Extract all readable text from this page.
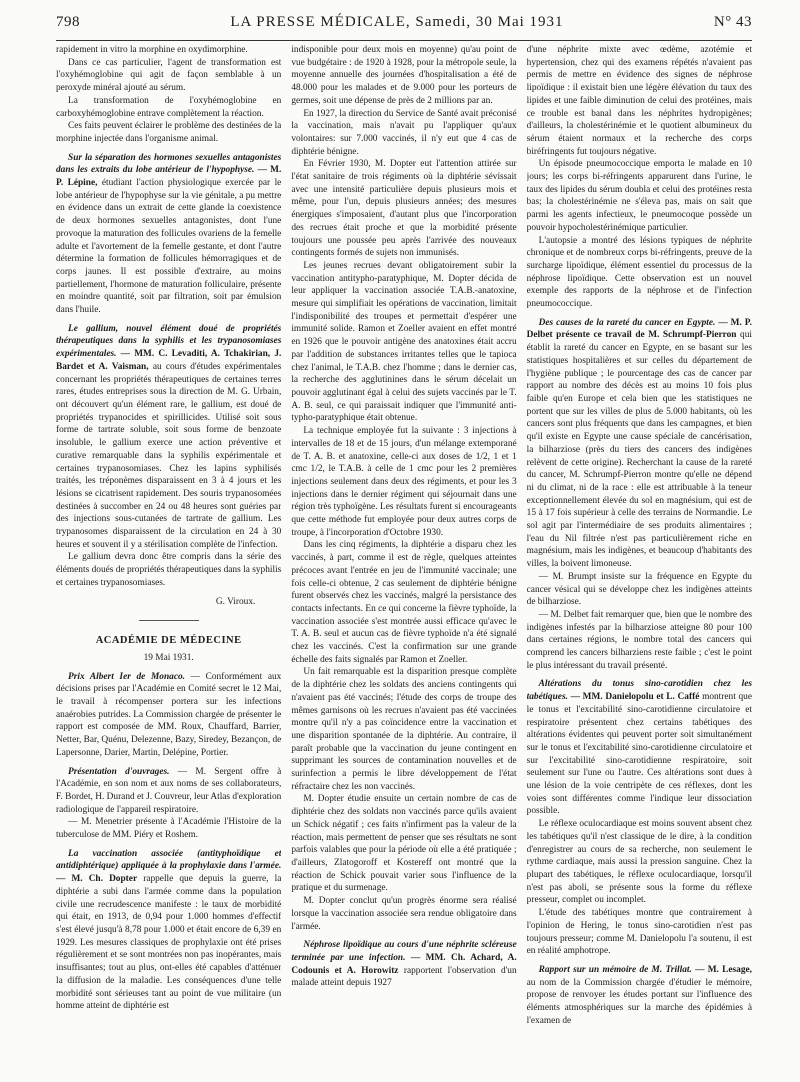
798	LA PRESSE MÉDICALE, Samedi, 30 Mai 1931	N° 43

rapidement in vitro la morphine en oxydimorphine.

Dans ce cas particulier, l'agent de transformation est l'oxyhémoglobine qui agit de façon semblable à un peroxyde minéral ajouté au sérum.

La transformation de l'oxyhémoglobine en carboxyhémoglobine entrave complètement la réaction.

Ces faits peuvent éclairer le problème des destinées de la morphine injectée dans l'organisme animal.

Sur la séparation des hormones sexuelles antagonistes dans les extraits du lobe antérieur de l'hypophyse. — M. P. Lépine, étudiant l'action physiologique exercée par le lobe antérieur de l'hypophyse sur la vie génitale, a pu mettre en évidence dans un extrait de cette glande la coexistence de deux hormones sexuelles antagonistes, dont l'une provoque la maturation des follicules ovariens de la femelle adulte et l'avortement de la femelle gestante, et dont l'autre détermine la formation de follicules hémorragiques et de corps jaunes. Il est possible d'extraire, au moins partiellement, l'hormone de maturation folliculaire, présente en moindre quantité, soit par filtration, soit par émulsion dans l'huile.

Le gallium, nouvel élément doué de propriétés thérapeutiques dans la syphilis et les trypanosomiases expérimentales. — MM. C. Levaditi, A. Tchakirian, J. Bardet et A. Vaisman, au cours d'études expérimentales concernant les propriétés thérapeutiques de certaines terres rares, études entreprises sous la direction de M. G. Urbain, ont découvert qu'un élément rare, le gallium, est doué de propriétés trypanocides et spirillicides. Utilisé soit sous forme de tartrate soluble, soit sous forme de benzoate insoluble, le gallium exerce une action préventive et curative remarquable dans la syphilis expérimentale et certaines trypanosomiases. Chez les lapins syphilisés traités, les tréponèmes disparaissent en 3 à 4 jours et les lésions se cicatrisent rapidement. Des souris trypanosomées destinées à succomber en 24 ou 48 heures sont guéries par des injections sous-cutanées de tartrate de gallium. Les trypanosomes disparaissent de la circulation en 24 à 30 heures et souvent il y a stérilisation complète de l'infection.

Le gallium devra donc être compris dans la série des éléments doués de propriétés thérapeutiques dans la syphilis et certaines trypanosomiases.

G. Viroux.
ACADÉMIE DE MÉDECINE
19 Mai 1931.

Prix Albert Ier de Monaco. — Conformément aux décisions prises par l'Académie en Comité secret le 12 Mai, le travail à récompenser portera sur les infections anaérobies putrides. La Commission chargée de présenter le rapport est composée de MM. Roux, Chauffard, Barrier, Netter, Bar, Quénu, Delezenne, Bazy, Siredey, Bezançon, de Lapersonne, Darier, Martin, Delépine, Portier.

Présentation d'ouvrages. — M. Sergent offre à l'Académie, en son nom et aux noms de ses collaborateurs, F. Bordet, H. Durand et J. Couvreur, leur Atlas d'exploration radiologique de l'appareil respiratoire.

— M. Menetrier présente à l'Académie l'Histoire de la tuberculose de MM. Piéry et Roshem.

La vaccination associée (antityphoïdique et antidiphtérique) appliquée à la prophylaxie dans l'armée. — M. Ch. Dopter rappelle que depuis la guerre, la diphtérie a subi dans l'armée comme dans la population civile une recrudescence manifeste : le taux de morbidité qui était, en 1913, de 0,94 pour 1.000 hommes d'effectif s'est élevé jusqu'à 8,78 pour 1.000 et était encore de 6,39 en 1929. Les mesures classiques de prophylaxie ont été prises régulièrement et se sont montrées non pas inopérantes, mais insuffisantes; tout au plus, ont-elles été capables d'atténuer la diffusion de la maladie. Les conséquences d'une telle morbidité sont sérieuses tant au point de vue militaire (un homme atteint de diphtérie est

indisponible pour deux mois en moyenne) qu'au point de vue budgétaire : de 1920 à 1928, pour la métropole seule, la moyenne annuelle des journées d'hospitalisation a été de 48.000 pour les malades et de 9.000 pour les porteurs de germes, soit une dépense de près de 2 millions par an.

En 1927, la direction du Service de Santé avait préconisé la vaccination, mais n'avait pu l'appliquer qu'aux volontaires: sur 7.000 vaccinés, il n'y eut que 4 cas de diphtérie bénigne.

En Février 1930, M. Dopter eut l'attention attirée sur l'état sanitaire de trois régiments où la diphtérie sévissait avec une intensité particulière depuis plusieurs mois et même, pour l'un, depuis plusieurs années; des mesures énergiques s'imposaient, d'autant plus que l'incorporation des recrues était proche et que la morbidité présente toujours une poussée peu après l'arrivée des nouveaux contingents formés de sujets non immunisés.

Les jeunes recrues devant obligatoirement subir la vaccination antitypho-paratyphique, M. Dopter décida de leur appliquer la vaccination associée T.A.B.-anatoxine, mesure qui simplifiait les opérations de vaccination, limitait l'indisponibilité des troupes et permettait d'espérer une immunité solide. Ramon et Zoeller avaient en effet montré en 1926 que le pouvoir antigène des anatoxines était accru par l'addition de substances irritantes telles que le tapioca chez l'animal, le T.A.B. chez l'homme ; dans le dernier cas, la recherche des agglutinines dans le sérum décelait un pouvoir agglutinant égal à celui des sujets vaccinés par le T. A. B. seul, ce qui paraissait indiquer que l'immunité anti-typho-paratyphique était obtenue.

La technique employée fut la suivante : 3 injections à intervalles de 18 et de 15 jours, d'un mélange extemporané de T. A. B. et anatoxine, celle-ci aux doses de 1/2, 1 et 1 cmc 1/2, le T.A.B. à celle de 1 cmc pour les 2 premières injections seulement dans deux des régiments, et pour les 3 injections dans le dernier régiment qui séjournait dans une région très typhoïgène. Les résultats furent si encourageants que cette méthode fut employée pour deux autres corps de troupe, à l'incorporation d'Octobre 1930.

Dans les cinq régiments, la diphtérie a disparu chez les vaccinés, à part, comme il est de règle, quelques atteintes précoces avant l'entrée en jeu de l'immunité vaccinale; une fois celle-ci obtenue, 2 cas seulement de diphtérie bénigne furent observés chez les vaccinés, malgré la persistance des contacts infectants. En ce qui concerne la fièvre typhoïde, la vaccination associée s'est montrée aussi efficace qu'avec le T. A. B. seul et aucun cas de fièvre typhoïde n'a été signalé chez les vaccinés. C'est la confirmation sur une grande échelle des faits signalés par Ramon et Zoeller.

Un fait remarquable est la disparition presque complète de la diphtérie chez les soldats des anciens contingents qui n'avaient pas été vaccinés; l'étude des corps de troupe des mêmes garnisons où les recrues n'avaient pas été vaccinées montre qu'il n'y a pas coïncidence entre la vaccination et une disparition spontanée de la diphtérie. Au contraire, il paraît probable que la vaccination du jeune contingent en supprimant les sources de contamination nouvelles et de surinfection a permis le libre développement de l'état réfractaire chez les non vaccinés.

M. Dopter étudie ensuite un certain nombre de cas de diphtérie chez des soldats non vaccinés parce qu'ils avaient un Schick négatif ; ces faits n'infirment pas la valeur de la réaction, mais permettent de penser que ses résultats ne sont parfois valables que pour la période où elle a été pratiquée ; d'ailleurs, Zlatogoroff et Kostereff ont montré que la réaction de Schick pouvait varier sous l'influence de la pratique et du surmenage.

M. Dopter conclut qu'un progrès énorme sera réalisé lorsque la vaccination associée sera rendue obligatoire dans l'armée.

Néphrose lipoïdique au cours d'une néphrite scléreuse terminée par une infection. — MM. Ch. Achard, A. Codounis et A. Horowitz rapportent l'observation d'un malade atteint depuis 1927

d'une néphrite mixte avec œdème, azotémie et hypertension, chez qui des examens répétés n'avaient pas permis de mettre en évidence des signes de néphrose lipoïdique : il existait bien une légère élévation du taux des lipides et une faible diminution de celui des protéines, mais ce trouble est banal dans les néphrites hydropigènes; d'ailleurs, la cholestérinémie et le quotient albumineux du sérum étaient normaux et la recherche des corps biréfringents fut toujours négative.

Un épisode pneumococcique emporta le malade en 10 jours; les corps bi-réfringents apparurent dans l'urine, le taux des lipides du sérum doubla et celui des protéines resta bas; la cholestérinémie ne s'éleva pas, mais on sait que parmi les agents infectieux, le pneumocoque possède un pouvoir hypocholestérinémique particulier.

L'autopsie a montré des lésions typiques de néphrite chronique et de nombreux corps bi-réfringents, preuve de la surcharge lipoïdique, élément essentiel du processus de la néphrose lipoïdique. Cette observation est un nouvel exemple des rapports de la néphrose et de l'infection pneumococcique.

Des causes de la rareté du cancer en Egypte. — M. P. Delbet présente ce travail de M. Schrumpf-Pierron qui établit la rareté du cancer en Egypte, en se basant sur les statistiques hospitalières et sur celles du département de l'hygiène publique ; le pourcentage des cas de cancer par rapport au nombre des décès est au moins 10 fois plus faible qu'en Europe et cela bien que les statistiques ne portent que sur les villes de plus de 5.000 habitants, où les cancers sont plus fréquents que dans les campagnes, et bien qu'il existe en Egypte une cause spéciale de cancérisation, la bilharziose (près du tiers des cancers des indigènes relèvent de cette origine). Recherchant la cause de la rareté du cancer, M. Schrumpf-Pierron montre qu'elle ne dépend ni du climat, ni de la race : elle est attribuable à la teneur exceptionnellement élevée du sol en magnésium, qui est de 15 à 17 fois supérieur à celle des terrains de Normandie. Le sol agit par l'intermédiaire de ses produits alimentaires ; l'eau du Nil filtrée n'est pas particulièrement riche en magnésium, mais les indigènes, et beaucoup d'habitants des villes, la boivent limoneuse.

— M. Brumpt insiste sur la fréquence en Egypte du cancer vésical qui se développe chez les indigènes atteints de bilharziose.

— M. Delbet fait remarquer que, bien que le nombre des indigènes infestés par la bilharziose atteigne 80 pour 100 dans certaines régions, le nombre total des cancers qui comprend les cancers bilharziens reste faible ; c'est le point le plus intéressant du travail présenté.

Altérations du tonus sino-carotidien chez les tabétiques. — MM. Danielopolu et L. Caffé montrent que le tonus et l'excitabilité sino-carotidienne circulatoire et respiratoire présentent chez certains tabétiques des altérations évidentes qui peuvent porter soit simultanément sur le tonus et l'excitabilité sino-carotidienne circulatoire et sur l'excitabilité sino-carotidienne respiratoire, soit seulement sur l'une ou l'autre. Ces altérations sont dues à une lésion de la voie centripète de ces réflexes, dont les voies sont différentes comme l'indique leur dissociation possible.

Le réflexe oculocardiaque est moins souvent absent chez les tabétiques qu'il n'est classique de le dire, à la condition d'enregistrer au cours de sa recherche, non seulement le rythme cardiaque, mais aussi la pression sanguine. Chez la plupart des tabétiques, le réflexe oculocardiaque, lorsqu'il n'est pas aboli, se présente sous la forme du réflexe presseur, complet ou incomplet.

L'étude des tabétiques montre que contrairement à l'opinion de Hering, le tonus sino-carotidien n'est pas toujours presseur; comme M. Danielopolu l'a soutenu, il est en réalité amphotrope.

Rapport sur un mémoire de M. Trillat. — M. Lesage, au nom de la Commission chargée d'étudier le mémoire, propose de renvoyer les études portant sur l'influence des éléments atmosphériques sur la marche des épidémies à l'examen de
